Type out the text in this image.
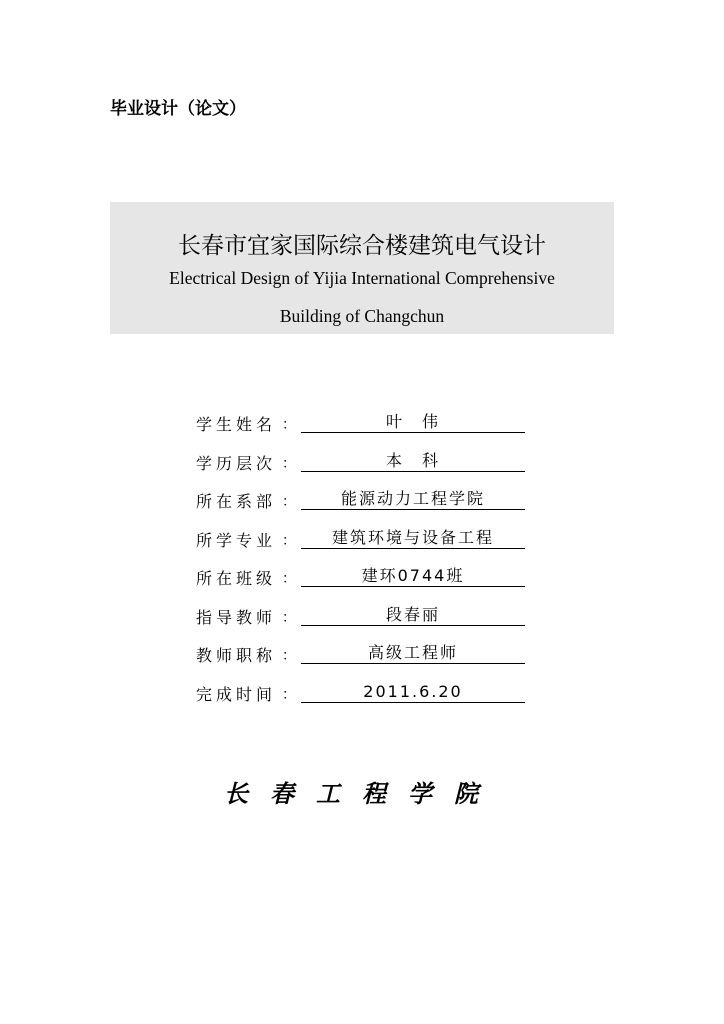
毕业设计（论文）
长春市宜家国际综合楼建筑电气设计
Electrical Design of Yijia International Comprehensive
Building of Changchun
学生姓名 ：	叶　伟
学历层次 ：	本　科
所在系部 ：	能源动力工程学院
所学专业 ：	建筑环境与设备工程
所在班级 ：	建环0744班
指导教师 ：	段春丽
教师职称 ：	高级工程师
完成时间 ：	2011.6.20
长春工程学院
